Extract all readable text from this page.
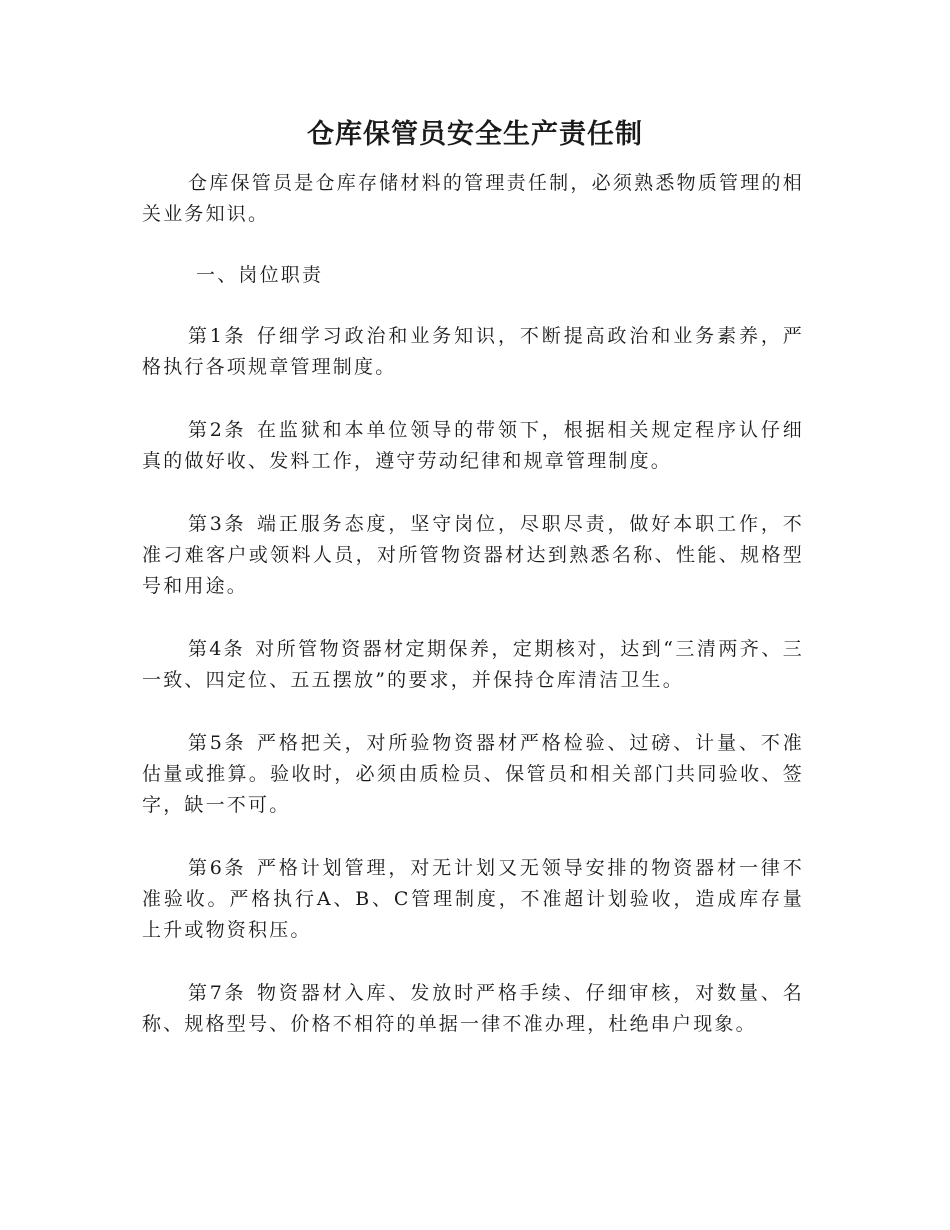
仓库保管员安全生产责任制

仓库保管员是仓库存储材料的管理责任制，必须熟悉物质管理的相关业务知识。

一、岗位职责

第1条 仔细学习政治和业务知识，不断提高政治和业务素养，严格执行各项规章管理制度。

第2条 在监狱和本单位领导的带领下，根据相关规定程序认仔细真的做好收、发料工作，遵守劳动纪律和规章管理制度。

第3条 端正服务态度，坚守岗位，尽职尽责，做好本职工作，不准刁难客户或领料人员，对所管物资器材达到熟悉名称、性能、规格型号和用途。

第4条 对所管物资器材定期保养，定期核对，达到“三清两齐、三一致、四定位、五五摆放”的要求，并保持仓库清洁卫生。

第5条 严格把关，对所验物资器材严格检验、过磅、计量、不准估量或推算。验收时，必须由质检员、保管员和相关部门共同验收、签字，缺一不可。

第6条 严格计划管理，对无计划又无领导安排的物资器材一律不准验收。严格执行A、B、C管理制度，不准超计划验收，造成库存量上升或物资积压。

第7条 物资器材入库、发放时严格手续、仔细审核，对数量、名称、规格型号、价格不相符的单据一律不准办理，杜绝串户现象。
